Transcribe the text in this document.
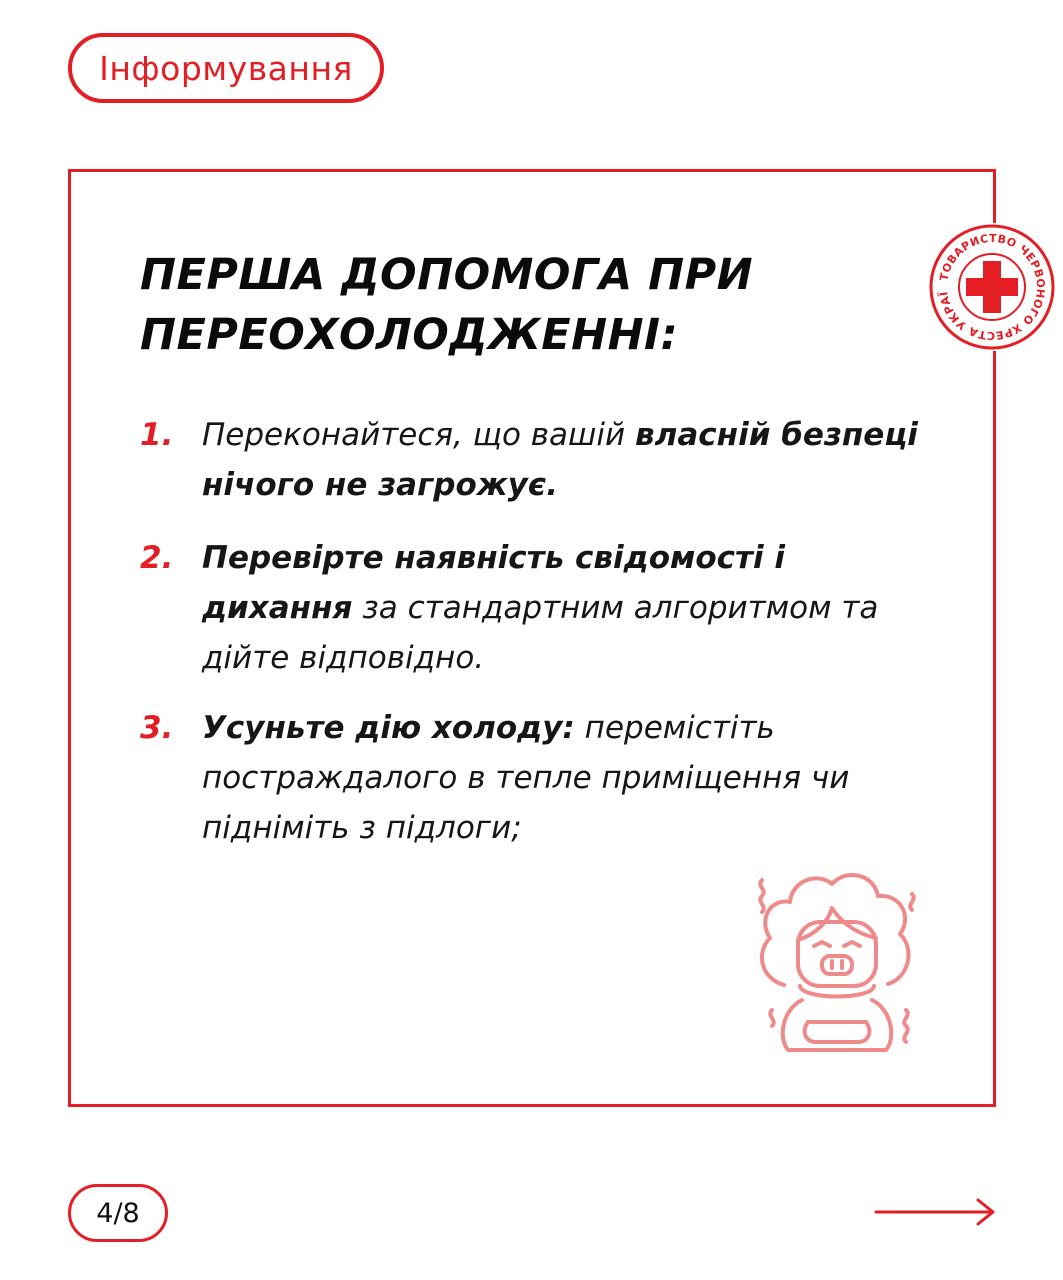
Інформування
ПЕРША ДОПОМОГА ПРИ
ПЕРЕОХОЛОДЖЕННІ:
1. Переконайтеся, що вашій власній безпеці нічого не загрожує.
2. Перевірте наявність свідомості і дихання за стандартним алгоритмом та дійте відповідно.
3. Усуньте дію холоду: перемістіть постраждалого в тепле приміщення чи підніміть з підлоги;
ТОВАРИСТВО ЧЕРВОНОГО ХРЕСТА УКРАЇ
4/8
